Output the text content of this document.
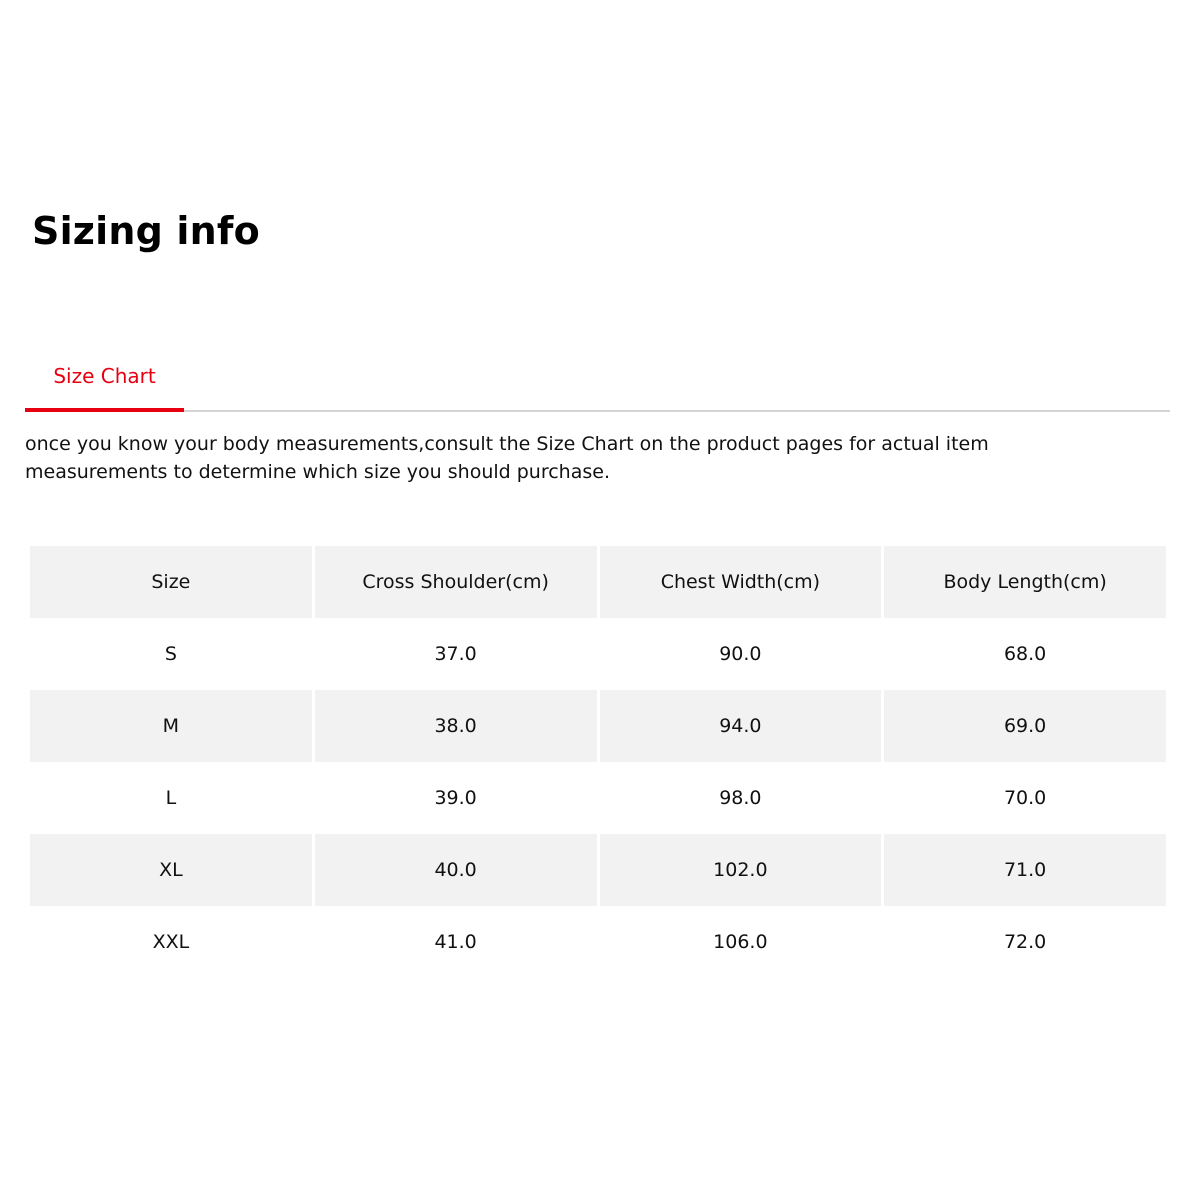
Sizing info
Size Chart

once you know your body measurements,consult the Size Chart on the product pages for actual item measurements to determine which size you should purchase.

Size	Cross Shoulder(cm)	Chest Width(cm)	Body Length(cm)
S	37.0	90.0	68.0
M	38.0	94.0	69.0
L	39.0	98.0	70.0
XL	40.0	102.0	71.0
XXL	41.0	106.0	72.0
